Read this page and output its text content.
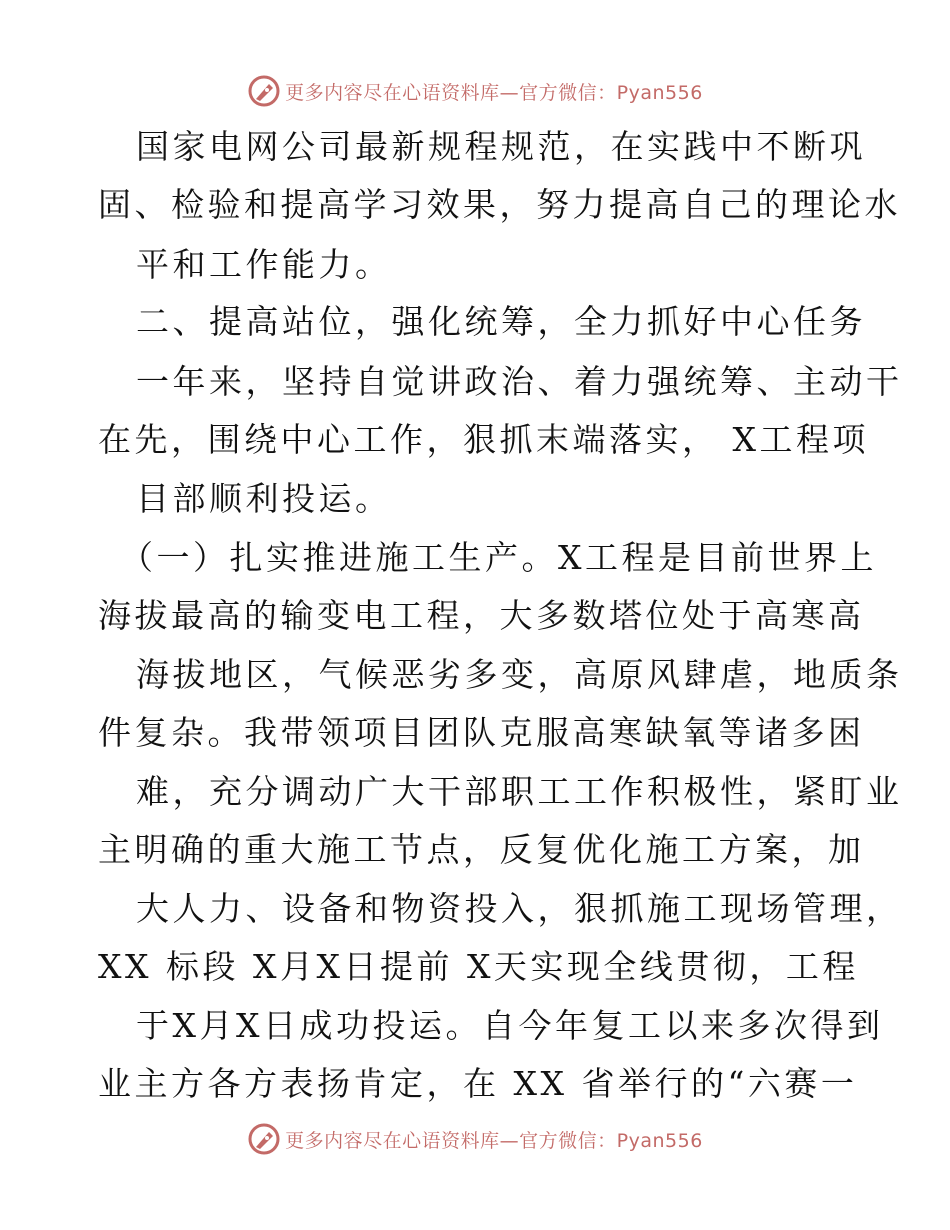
更多内容尽在心语资料库—官方微信：Pyan556
国家电网公司最新规程规范，在实践中不断巩
固、检验和提高学习效果，努力提高自己的理论水
平和工作能力。
二、提高站位，强化统筹，全力抓好中心任务
一年来，坚持自觉讲政治、着力强统筹、主动干
在先，围绕中心工作，狠抓末端落实， X工程项
目部顺利投运。
（一）扎实推进施工生产。X工程是目前世界上
海拔最高的输变电工程，大多数塔位处于高寒高
海拔地区，气候恶劣多变，高原风肆虐，地质条
件复杂。我带领项目团队克服高寒缺氧等诸多困
难，充分调动广大干部职工工作积极性，紧盯业
主明确的重大施工节点，反复优化施工方案，加
大人力、设备和物资投入，狠抓施工现场管理，
XX 标段 X月X日提前 X天实现全线贯彻，工程
于X月X日成功投运。自今年复工以来多次得到
业主方各方表扬肯定，在 XX 省举行的“六赛一
更多内容尽在心语资料库—官方微信：Pyan556
